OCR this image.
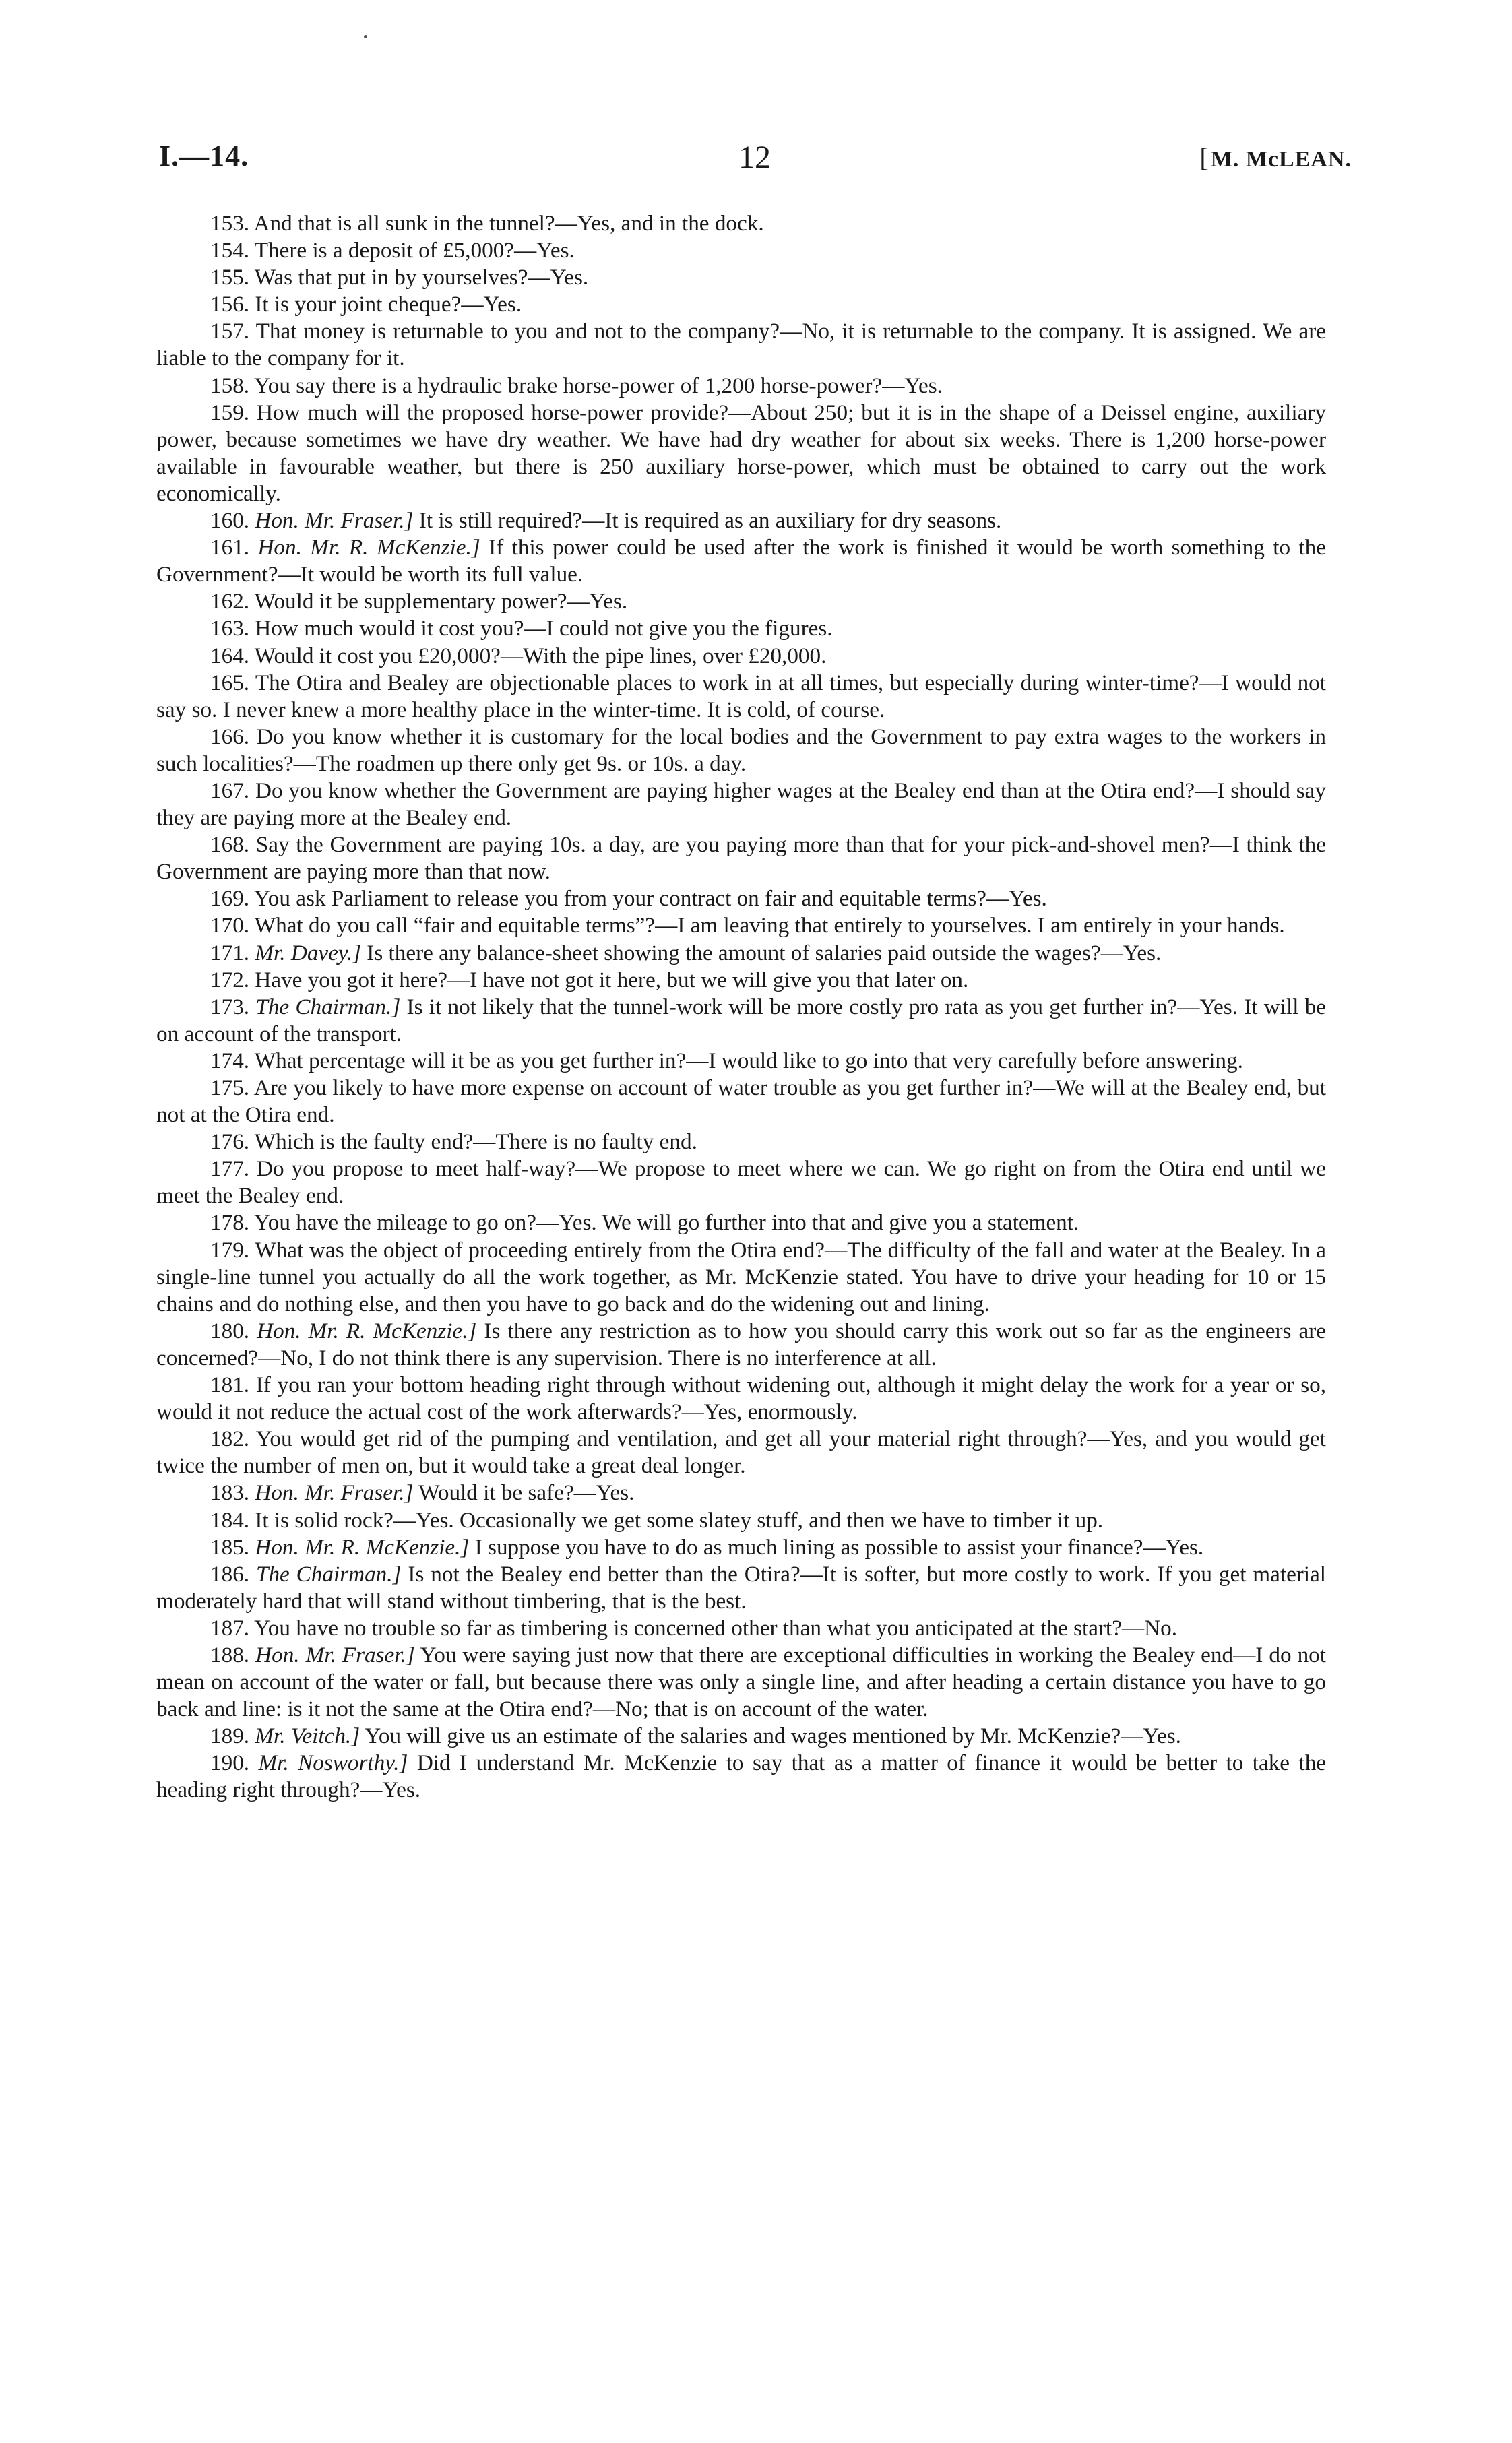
I.—14.	12	[M. McLEAN.

153. And that is all sunk in the tunnel?—Yes, and in the dock.

154. There is a deposit of £5,000?—Yes.

155. Was that put in by yourselves?—Yes.

156. It is your joint cheque?—Yes.

157. That money is returnable to you and not to the company?—No, it is returnable to the company. It is assigned. We are liable to the company for it.

158. You say there is a hydraulic brake horse-power of 1,200 horse-power?—Yes.

159. How much will the proposed horse-power provide?—About 250; but it is in the shape of a Deissel engine, auxiliary power, because sometimes we have dry weather. We have had dry weather for about six weeks. There is 1,200 horse-power available in favourable weather, but there is 250 auxiliary horse-power, which must be obtained to carry out the work economically.

160. Hon. Mr. Fraser.] It is still required?—It is required as an auxiliary for dry seasons.

161. Hon. Mr. R. McKenzie.] If this power could be used after the work is finished it would be worth something to the Government?—It would be worth its full value.

162. Would it be supplementary power?—Yes.

163. How much would it cost you?—I could not give you the figures.

164. Would it cost you £20,000?—With the pipe lines, over £20,000.

165. The Otira and Bealey are objectionable places to work in at all times, but especially during winter-time?—I would not say so. I never knew a more healthy place in the winter-time. It is cold, of course.

166. Do you know whether it is customary for the local bodies and the Government to pay extra wages to the workers in such localities?—The roadmen up there only get 9s. or 10s. a day.

167. Do you know whether the Government are paying higher wages at the Bealey end than at the Otira end?—I should say they are paying more at the Bealey end.

168. Say the Government are paying 10s. a day, are you paying more than that for your pick-and-shovel men?—I think the Government are paying more than that now.

169. You ask Parliament to release you from your contract on fair and equitable terms?—Yes.

170. What do you call “fair and equitable terms”?—I am leaving that entirely to yourselves. I am entirely in your hands.

171. Mr. Davey.] Is there any balance-sheet showing the amount of salaries paid outside the wages?—Yes.

172. Have you got it here?—I have not got it here, but we will give you that later on.

173. The Chairman.] Is it not likely that the tunnel-work will be more costly pro rata as you get further in?—Yes. It will be on account of the transport.

174. What percentage will it be as you get further in?—I would like to go into that very carefully before answering.

175. Are you likely to have more expense on account of water trouble as you get further in?—We will at the Bealey end, but not at the Otira end.

176. Which is the faulty end?—There is no faulty end.

177. Do you propose to meet half-way?—We propose to meet where we can. We go right on from the Otira end until we meet the Bealey end.

178. You have the mileage to go on?—Yes. We will go further into that and give you a statement.

179. What was the object of proceeding entirely from the Otira end?—The difficulty of the fall and water at the Bealey. In a single-line tunnel you actually do all the work together, as Mr. McKenzie stated. You have to drive your heading for 10 or 15 chains and do nothing else, and then you have to go back and do the widening out and lining.

180. Hon. Mr. R. McKenzie.] Is there any restriction as to how you should carry this work out so far as the engineers are concerned?—No, I do not think there is any supervision. There is no interference at all.

181. If you ran your bottom heading right through without widening out, although it might delay the work for a year or so, would it not reduce the actual cost of the work afterwards?—Yes, enormously.

182. You would get rid of the pumping and ventilation, and get all your material right through?—Yes, and you would get twice the number of men on, but it would take a great deal longer.

183. Hon. Mr. Fraser.] Would it be safe?—Yes.

184. It is solid rock?—Yes. Occasionally we get some slatey stuff, and then we have to timber it up.

185. Hon. Mr. R. McKenzie.] I suppose you have to do as much lining as possible to assist your finance?—Yes.

186. The Chairman.] Is not the Bealey end better than the Otira?—It is softer, but more costly to work. If you get material moderately hard that will stand without timbering, that is the best.

187. You have no trouble so far as timbering is concerned other than what you anticipated at the start?—No.

188. Hon. Mr. Fraser.] You were saying just now that there are exceptional difficulties in working the Bealey end—I do not mean on account of the water or fall, but because there was only a single line, and after heading a certain distance you have to go back and line: is it not the same at the Otira end?—No; that is on account of the water.

189. Mr. Veitch.] You will give us an estimate of the salaries and wages mentioned by Mr. McKenzie?—Yes.

190. Mr. Nosworthy.] Did I understand Mr. McKenzie to say that as a matter of finance it would be better to take the heading right through?—Yes.
